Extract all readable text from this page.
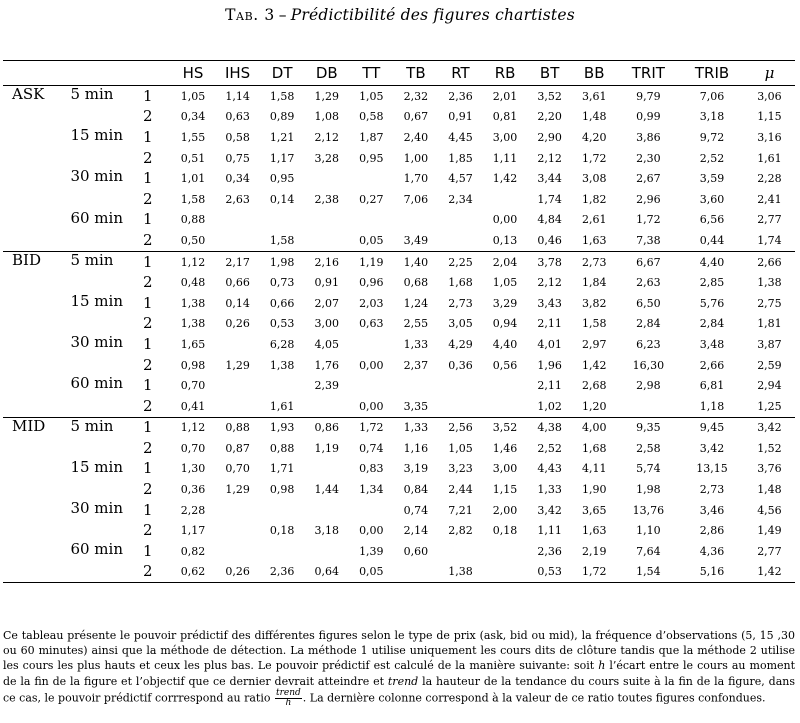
Tab. 3 – Prédictibilité des figures chartistes
			HS	IHS	DT	DB	TT	TB	RT	RB	BT	BB	TRIT	TRIB	μ
ASK	5 min	1	1,05	1,14	1,58	1,29	1,05	2,32	2,36	2,01	3,52	3,61	9,79	7,06	3,06
		2	0,34	0,63	0,89	1,08	0,58	0,67	0,91	0,81	2,20	1,48	0,99	3,18	1,15
	15 min	1	1,55	0,58	1,21	2,12	1,87	2,40	4,45	3,00	2,90	4,20	3,86	9,72	3,16
		2	0,51	0,75	1,17	3,28	0,95	1,00	1,85	1,11	2,12	1,72	2,30	2,52	1,61
	30 min	1	1,01	0,34	0,95			1,70	4,57	1,42	3,44	3,08	2,67	3,59	2,28
		2	1,58	2,63	0,14	2,38	0,27	7,06	2,34		1,74	1,82	2,96	3,60	2,41
	60 min	1	0,88							0,00	4,84	2,61	1,72	6,56	2,77
		2	0,50		1,58		0,05	3,49		0,13	0,46	1,63	7,38	0,44	1,74
BID	5 min	1	1,12	2,17	1,98	2,16	1,19	1,40	2,25	2,04	3,78	2,73	6,67	4,40	2,66
		2	0,48	0,66	0,73	0,91	0,96	0,68	1,68	1,05	2,12	1,84	2,63	2,85	1,38
	15 min	1	1,38	0,14	0,66	2,07	2,03	1,24	2,73	3,29	3,43	3,82	6,50	5,76	2,75
		2	1,38	0,26	0,53	3,00	0,63	2,55	3,05	0,94	2,11	1,58	2,84	2,84	1,81
	30 min	1	1,65		6,28	4,05		1,33	4,29	4,40	4,01	2,97	6,23	3,48	3,87
		2	0,98	1,29	1,38	1,76	0,00	2,37	0,36	0,56	1,96	1,42	16,30	2,66	2,59
	60 min	1	0,70			2,39					2,11	2,68	2,98	6,81	2,94
		2	0,41		1,61		0,00	3,35			1,02	1,20		1,18	1,25
MID	5 min	1	1,12	0,88	1,93	0,86	1,72	1,33	2,56	3,52	4,38	4,00	9,35	9,45	3,42
		2	0,70	0,87	0,88	1,19	0,74	1,16	1,05	1,46	2,52	1,68	2,58	3,42	1,52
	15 min	1	1,30	0,70	1,71		0,83	3,19	3,23	3,00	4,43	4,11	5,74	13,15	3,76
		2	0,36	1,29	0,98	1,44	1,34	0,84	2,44	1,15	1,33	1,90	1,98	2,73	1,48
	30 min	1	2,28					0,74	7,21	2,00	3,42	3,65	13,76	3,46	4,56
		2	1,17		0,18	3,18	0,00	2,14	2,82	0,18	1,11	1,63	1,10	2,86	1,49
	60 min	1	0,82				1,39	0,60			2,36	2,19	7,64	4,36	2,77
		2	0,62	0,26	2,36	0,64	0,05		1,38		0,53	1,72	1,54	5,16	1,42
Ce tableau présente le pouvoir prédictif des différentes figures selon le type de prix (ask, bid ou mid), la fréquence d’observations (5, 15 ,30 ou 60 minutes) ainsi que la méthode de détection. La méthode 1 utilise uniquement les cours dits de clôture tandis que la méthode 2 utilise les cours les plus hauts et ceux les plus bas. Le pouvoir prédictif est calculé de la manière suivante: soit h l’écart entre le cours au moment de la fin de la figure et l’objectif que ce dernier devrait atteindre et trend la hauteur de la tendance du cours suite à la fin de la figure, dans ce cas, le pouvoir prédictif corrrespond au ratio $\frac{\text{trend}}{h}$ . La dernière colonne correspond à la valeur de ce ratio toutes figures confondues.
